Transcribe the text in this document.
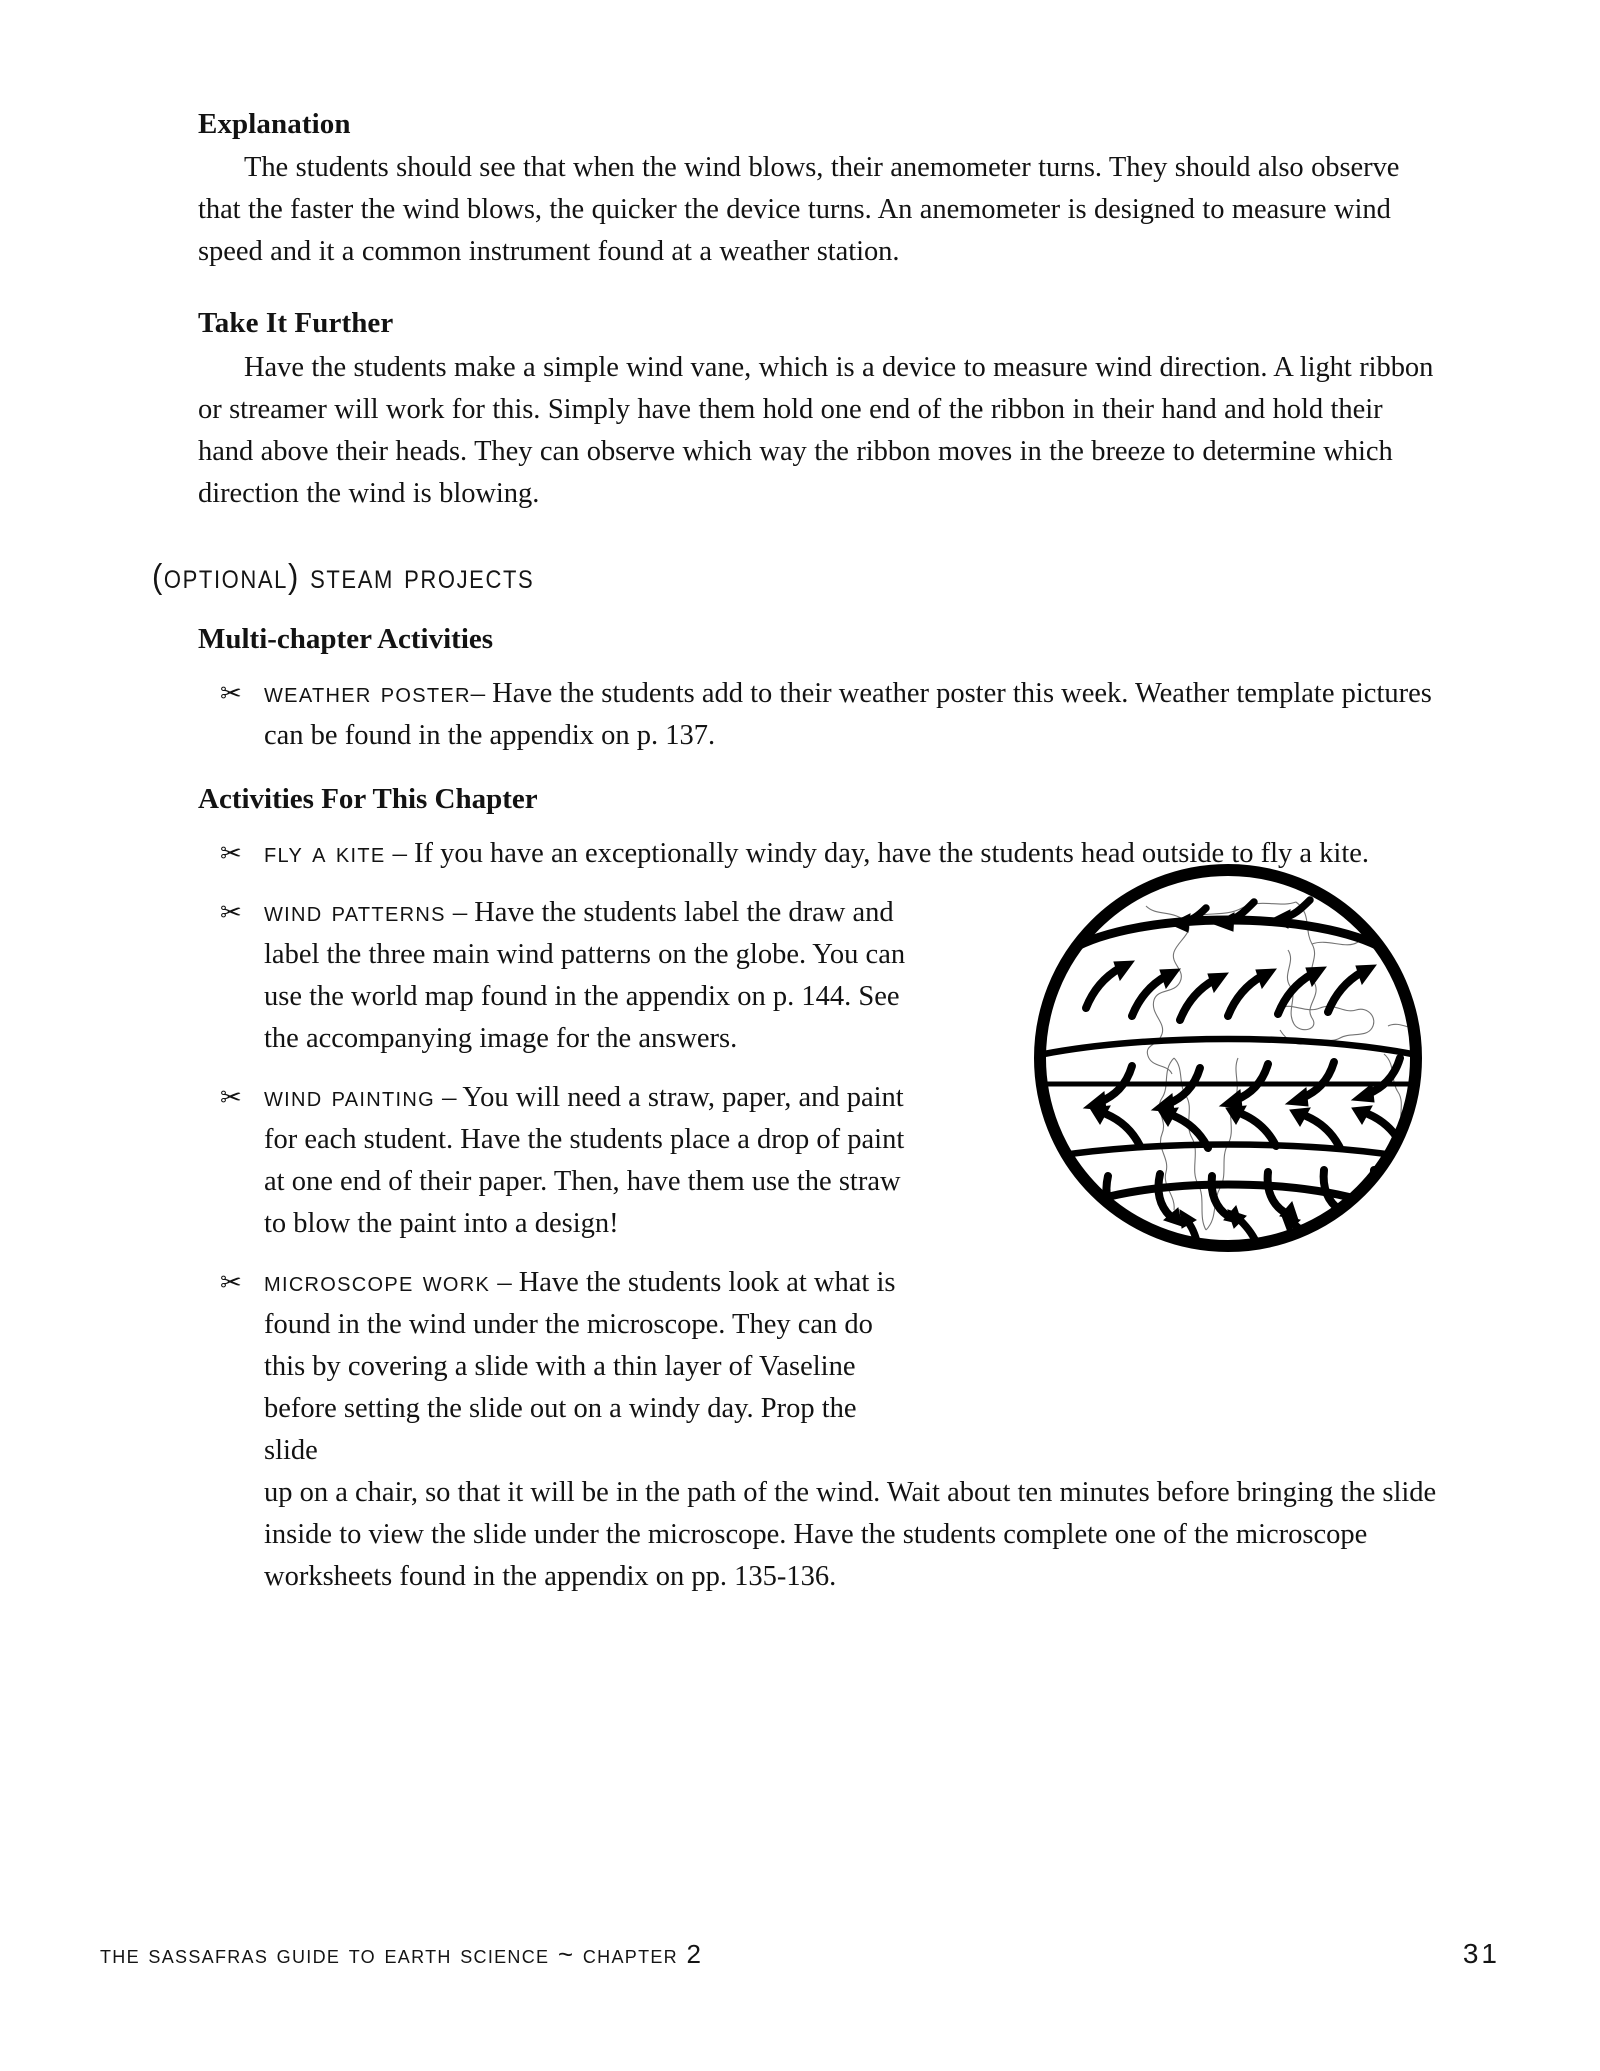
Explanation

The students should see that when the wind blows, their anemometer turns. They should also observe that the faster the wind blows, the quicker the device turns. An anemometer is designed to measure wind speed and it a common instrument found at a weather station.

Take It Further

Have the students make a simple wind vane, which is a device to measure wind direction. A light ribbon or streamer will work for this. Simply have them hold one end of the ribbon in their hand and hold their hand above their heads. They can observe which way the ribbon moves in the breeze to determine which direction the wind is blowing.

(optional) steam projects
Multi-chapter Activities
✂ weather poster– Have the students add to their weather poster this week. Weather template pictures can be found in the appendix on p. 137.
Activities For This Chapter
✂ fly a kite – If you have an exceptionally windy day, have the students head outside to fly a kite.
✂ wind patterns – Have the students label the draw and label the three main wind patterns on the globe. You can use the world map found in the appendix on p. 144. See the accompanying image for the answers.
✂ wind painting – You will need a straw, paper, and paint for each student. Have the students place a drop of paint at one end of their paper. Then, have them use the straw to blow the paint into a design!
✂ microscope work – Have the students look at what is found in the wind under the microscope. They can do this by covering a slide with a thin layer of Vaseline before setting the slide out on a windy day. Prop the slide

up on a chair, so that it will be in the path of the wind. Wait about ten minutes before bringing the slide inside to view the slide under the microscope. Have the students complete one of the microscope worksheets found in the appendix on pp. 135-136.

the sassafras guide to earth science ~ chapter 2	31
